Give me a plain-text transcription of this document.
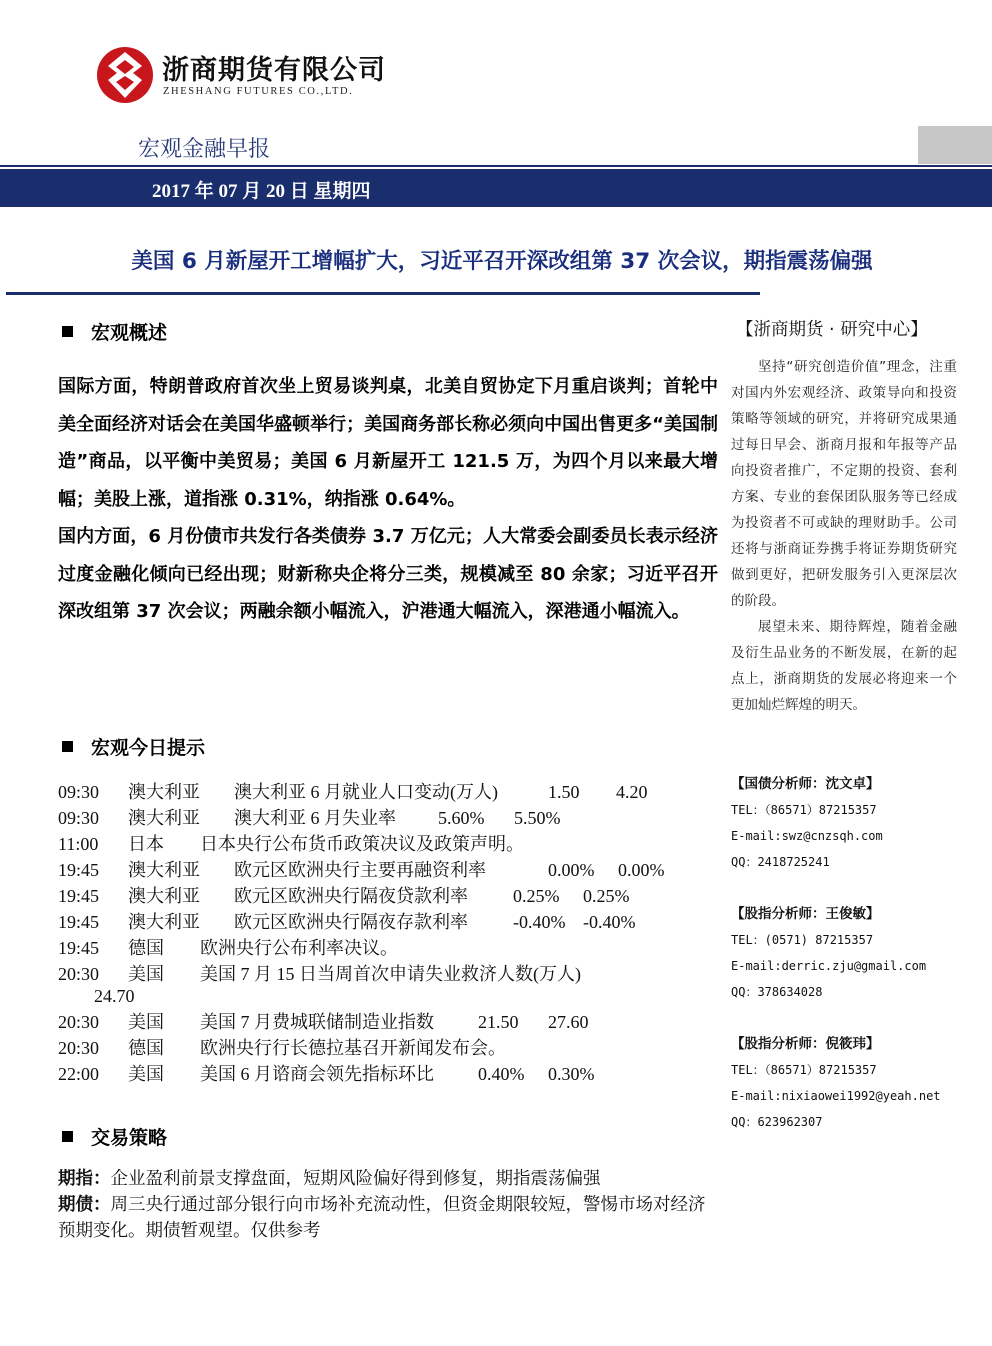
浙商期货有限公司
ZHESHANG FUTURES CO.,LTD.
宏观金融早报
2017 年 07 月 20 日 星期四
美国 6 月新屋开工增幅扩大，习近平召开深改组第 37 次会议，期指震荡偏强
宏观概述

国际方面，特朗普政府首次坐上贸易谈判桌，北美自贸协定下月重启谈判；首轮中美全面经济对话会在美国华盛顿举行；美国商务部长称必须向中国出售更多“美国制造”商品，以平衡中美贸易；美国 6 月新屋开工 121.5 万，为四个月以来最大增幅；美股上涨，道指涨 0.31%，纳指涨 0.64%。

国内方面，6 月份债市共发行各类债券 3.7 万亿元；人大常委会副委员长表示经济过度金融化倾向已经出现；财新称央企将分三类，规模减至 80 余家；习近平召开深改组第 37 次会议；两融余额小幅流入，沪港通大幅流入，深港通小幅流入。

宏观今日提示
09:30 澳大利亚 澳大利亚 6 月就业人口变动(万人)	1.50 4.20
09:30 澳大利亚 澳大利亚 6 月失业率 5.60% 5.50%
11:00 日本 日本央行公布货币政策决议及政策声明。
19:45 澳大利亚 欧元区欧洲央行主要再融资利率	0.00% 0.00%
19:45 澳大利亚 欧元区欧洲央行隔夜贷款利率	0.25% 0.25%
19:45 澳大利亚 欧元区欧洲央行隔夜存款利率	-0.40% -0.40%
19:45 德国 欧洲央行公布利率决议。
20:30 美国 美国 7 月 15 日当周首次申请失业救济人数(万人)
24.70
20:30 美国 美国 7 月费城联储制造业指数 21.50 27.60
20:30 德国 欧洲央行行长德拉基召开新闻发布会。
22:00 美国 美国 6 月谘商会领先指标环比 0.40% 0.30%
交易策略

期指：企业盈利前景支撑盘面，短期风险偏好得到修复，期指震荡偏强

期债：周三央行通过部分银行向市场补充流动性，但资金期限较短，警惕市场对经济预期变化。期债暂观望。仅供参考

【浙商期货 · 研究中心】

坚持“研究创造价值”理念，注重对国内外宏观经济、政策导向和投资策略等领域的研究，并将研究成果通过每日早会、浙商月报和年报等产品向投资者推广，不定期的投资、套利方案、专业的套保团队服务等已经成为投资者不可或缺的理财助手。公司还将与浙商证券携手将证券期货研究做到更好，把研发服务引入更深层次的阶段。

展望未来、期待辉煌，随着金融及衍生品业务的不断发展，在新的起点上，浙商期货的发展必将迎来一个更加灿烂辉煌的明天。

【国债分析师：沈文卓】
TEL：（86571）87215357
E-mail:swz@cnzsqh.com
QQ：2418725241
【股指分析师：王俊敏】
TEL：(0571) 87215357
E-mail:derric.zju@gmail.com
QQ：378634028
【股指分析师：倪筱玮】
TEL：（86571）87215357
E-mail:nixiaowei1992@yeah.net
QQ：623962307
